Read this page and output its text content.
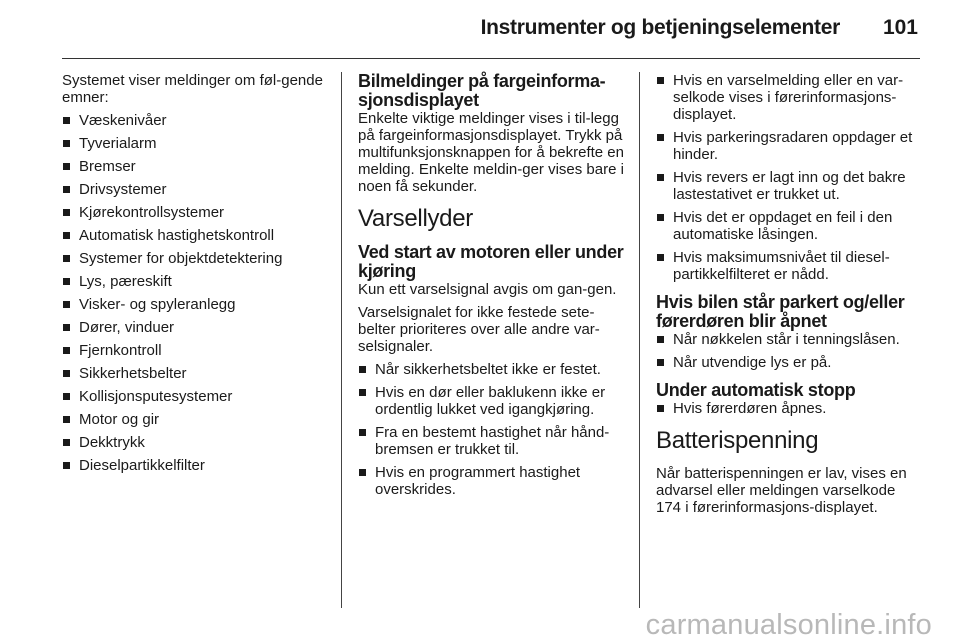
Instrumenter og betjeningselementer 101

Systemet viser meldinger om føl-gende emner:

Væskenivåer
Tyverialarm
Bremser
Drivsystemer
Kjørekontrollsystemer
Automatisk hastighetskontroll
Systemer for objektdetektering
Lys, pæreskift
Visker- og spyleranlegg
Dører, vinduer
Fjernkontroll
Sikkerhetsbelter
Kollisjonsputesystemer
Motor og gir
Dekktrykk
Dieselpartikkelfilter
Bilmeldinger på fargeinforma-sjonsdisplayet

Enkelte viktige meldinger vises i til-legg på fargeinformasjonsdisplayet. Trykk på multifunksjonsknappen for å bekrefte en melding. Enkelte meldin-ger vises bare i noen få sekunder.

Varsellyder
Ved start av motoren eller under kjøring

Kun ett varselsignal avgis om gan-gen.

Varselsignalet for ikke festede sete-belter prioriteres over alle andre var-selsignaler.

Når sikkerhetsbeltet ikke er festet.
Hvis en dør eller baklukenn ikke er ordentlig lukket ved igangkjøring.
Fra en bestemt hastighet når hånd-bremsen er trukket til.
Hvis en programmert hastighet overskrides.
Hvis en varselmelding eller en var-selkode vises i førerinformasjons-displayet.
Hvis parkeringsradaren oppdager et hinder.
Hvis revers er lagt inn og det bakre lastestativet er trukket ut.
Hvis det er oppdaget en feil i den automatiske låsingen.
Hvis maksimumsnivået til diesel-partikkelfilteret er nådd.
Hvis bilen står parkert og/eller førerdøren blir åpnet
Når nøkkelen står i tenningslåsen.
Når utvendige lys er på.
Under automatisk stopp
Hvis førerdøren åpnes.
Batterispenning

Når batterispenningen er lav, vises en advarsel eller meldingen varselkode 174 i førerinformasjons-displayet.

carmanualsonline.info
